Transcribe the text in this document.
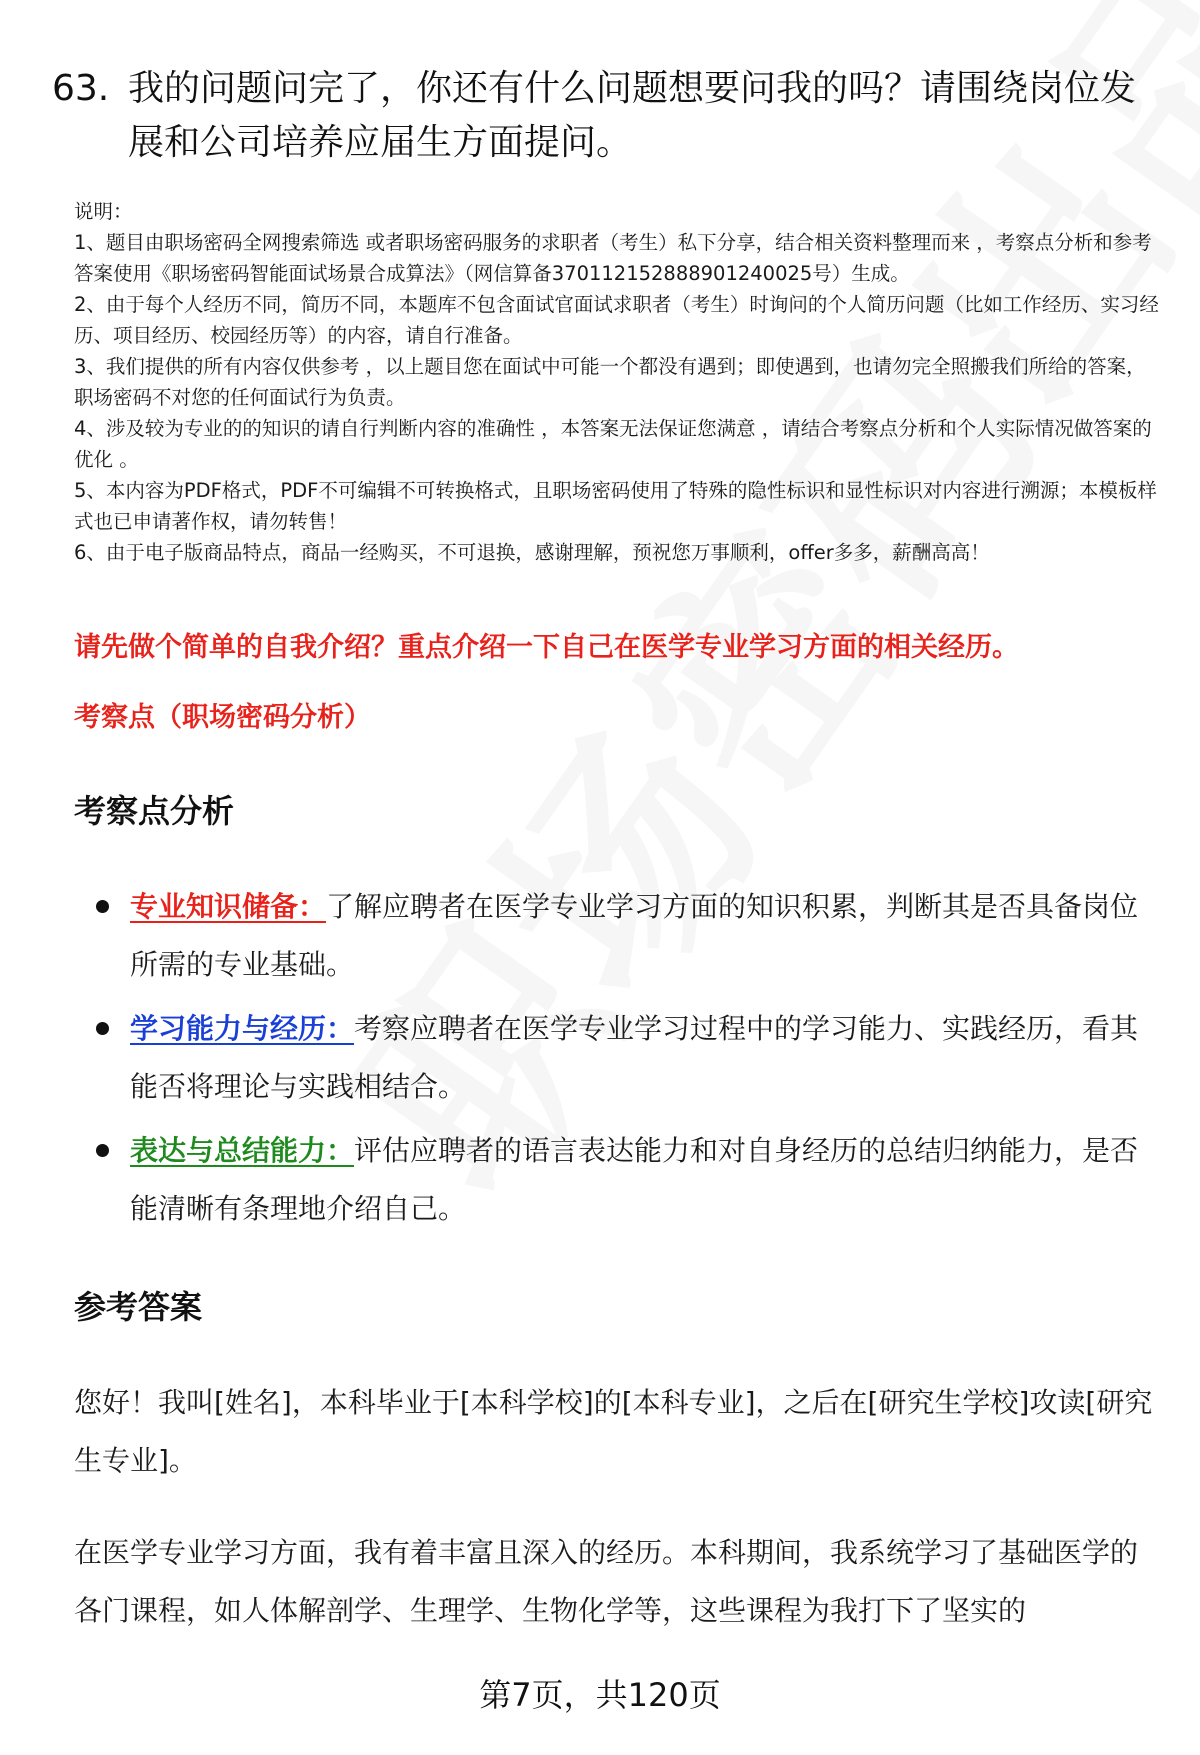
63. 我的问题问完了，你还有什么问题想要问我的吗？请围绕岗位发
展和公司培养应届生方面提问。

说明：

1、题目由职场密码全网搜索筛选 或者职场密码服务的求职者（考生）私下分享，结合相关资料整理而来 ，考察点分析和参考答案使用《职场密码智能面试场景合成算法》（网信算备370112152888901240025号）生成。

2、由于每个人经历不同，简历不同，本题库不包含面试官面试求职者（考生）时询问的个人简历问题（比如工作经历、实习经历、项目经历、校园经历等）的内容，请自行准备。

3、我们提供的所有内容仅供参考 ，以上题目您在面试中可能一个都没有遇到；即使遇到，也请勿完全照搬我们所给的答案，职场密码不对您的任何面试行为负责。

4、涉及较为专业的的知识的请自行判断内容的准确性 ，本答案无法保证您满意 ，请结合考察点分析和个人实际情况做答案的优化 。

5、本内容为PDF格式，PDF不可编辑不可转换格式，且职场密码使用了特殊的隐性标识和显性标识对内容进行溯源；本模板样式也已申请著作权，请勿转售！

6、由于电子版商品特点，商品一经购买，不可退换，感谢理解，预祝您万事顺利，offer多多，薪酬高高！

请先做个简单的自我介绍？重点介绍一下自己在医学专业学习方面的相关经历。
考察点（职场密码分析）
考察点分析
专业知识储备：了解应聘者在医学专业学习方面的知识积累，判断其是否具备岗位所需的专业基础。
学习能力与经历：考察应聘者在医学专业学习过程中的学习能力、实践经历，看其能否将理论与实践相结合。
表达与总结能力：评估应聘者的语言表达能力和对自身经历的总结归纳能力，是否能清晰有条理地介绍自己。
参考答案
您好！我叫[姓名]，本科毕业于[本科学校]的[本科专业]，之后在[研究生学校]攻读[研究生专业]。
在医学专业学习方面，我有着丰富且深入的经历。本科期间，我系统学习了基础医学的各门课程，如人体解剖学、生理学、生物化学等，这些课程为我打下了坚实的
第7页，共120页
